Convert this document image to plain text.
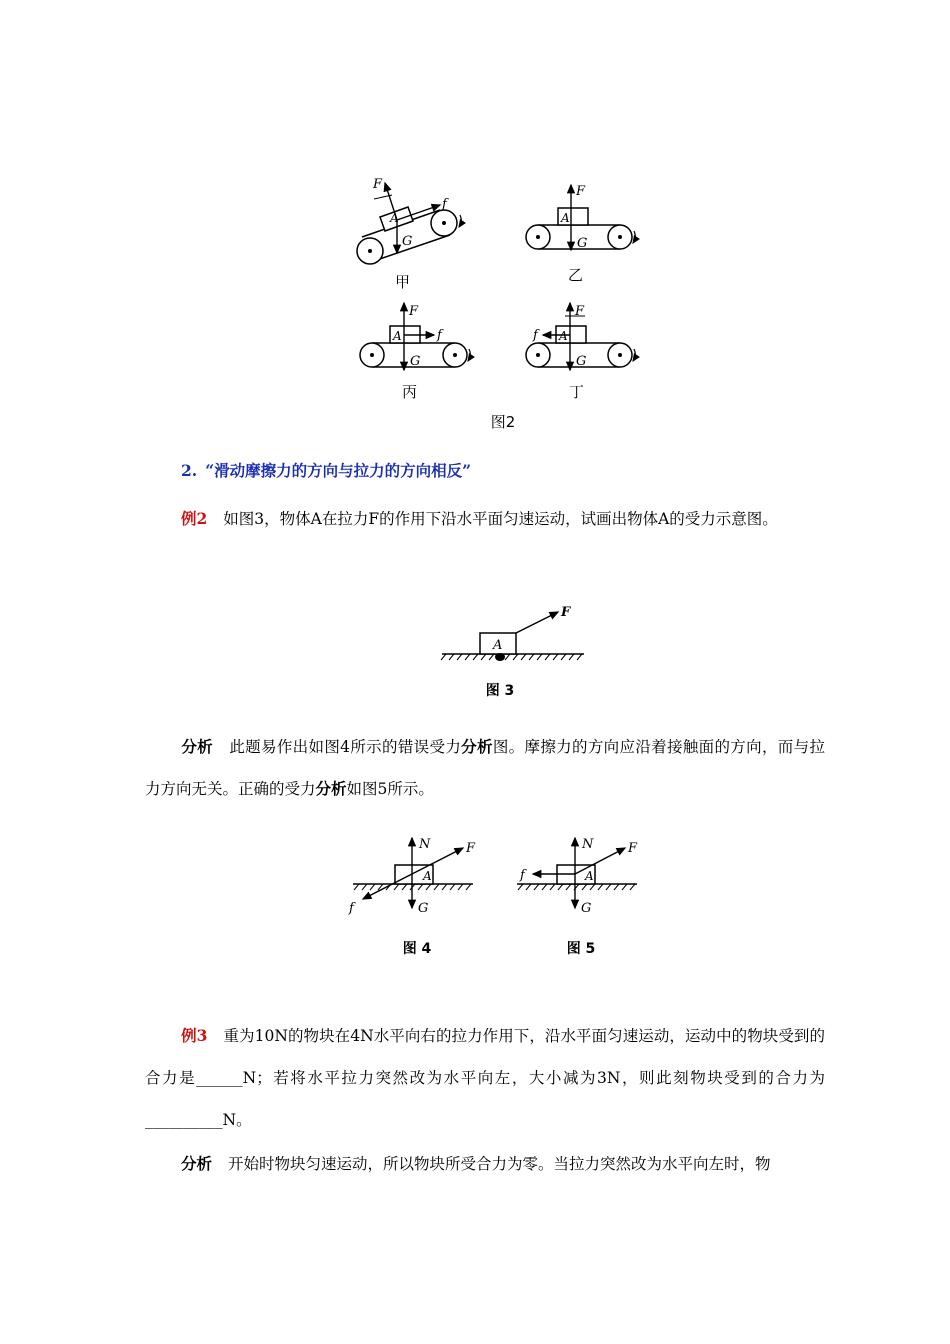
F
A
f
G
甲
F
A
G
乙
F
A	f
G
丙
F
A
f
G
丁
图2
2. “滑动摩擦力的方向与拉力的方向相反”
例2 如图3，物体A在拉力F的作用下沿水平面匀速运动，试画出物体A的受力示意图。
A
F
图 3
分析 此题易作出如图4所示的错误受力分析图。摩擦力的方向应沿着接触面的方向，而与拉力方向无关。正确的受力分析如图5所示。
N	F
f	G
A
图 4
N	F
f
G
A
图 5
例3 重为10N的物块在4N水平向右的拉力作用下，沿水平面匀速运动，运动中的物块受到的合力是______N；若将水平拉力突然改为水平向左，大小减为3N，则此刻物块受到的合力为__________N。
分析 开始时物块匀速运动，所以物块所受合力为零。当拉力突然改为水平向左时，物
